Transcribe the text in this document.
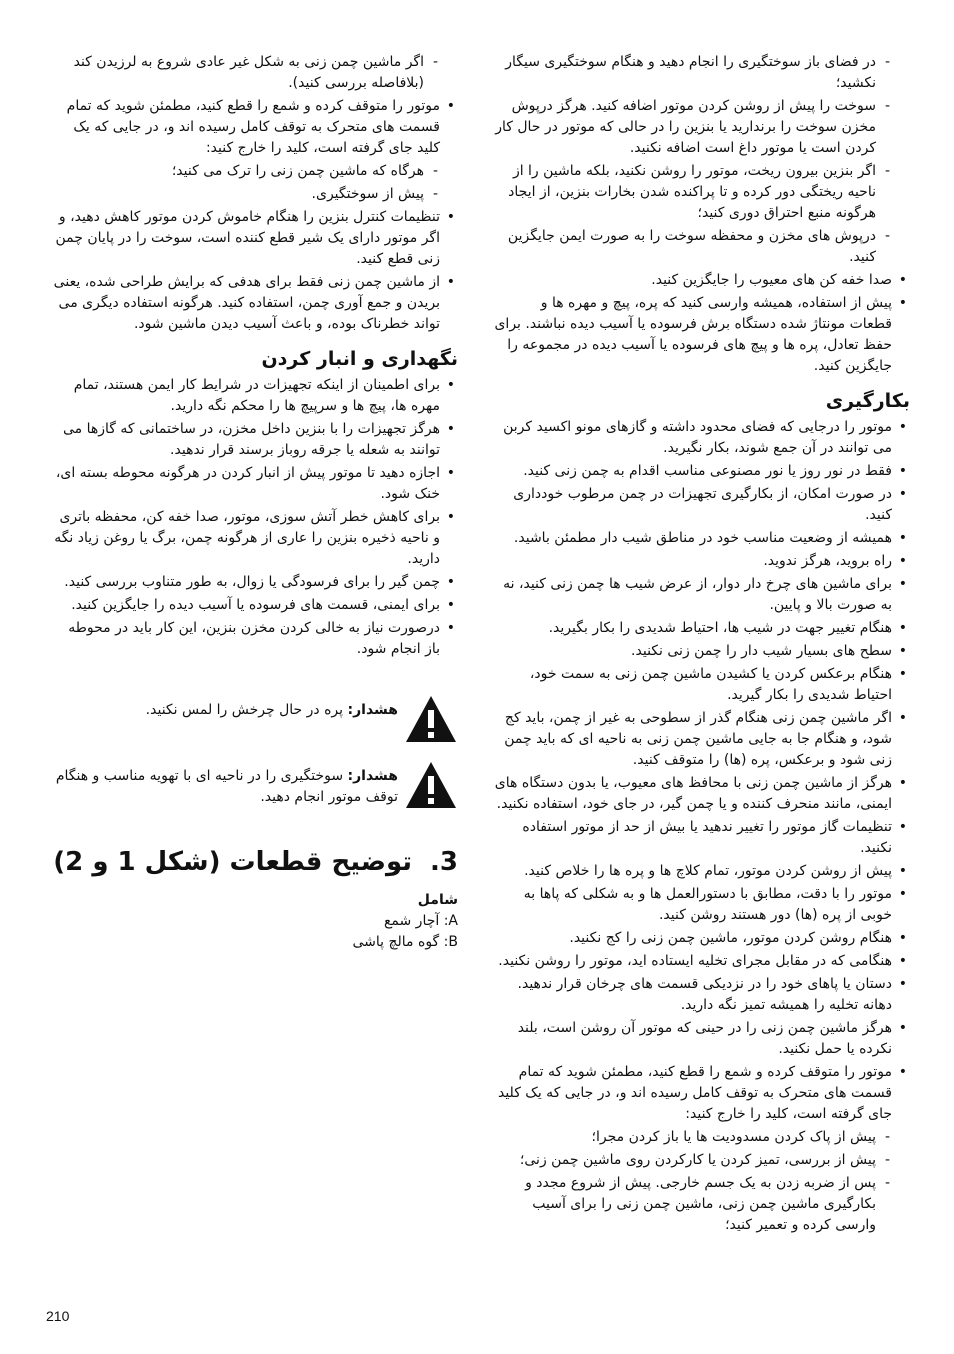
- در فضای باز سوختگیری را انجام دهید و هنگام سوختگیری سیگار نکشید؛
- سوخت را پیش از روشن کردن موتور اضافه کنید. هرگز درپوش مخزن سوخت را برندارید یا بنزین را در حالی که موتور در حال کار کردن است یا موتور داغ است اضافه نکنید.
- اگر بنزین بیرون ریخت، موتور را روشن نکنید، بلکه ماشین را از ناحیه ریختگی دور کرده و تا پراکنده شدن بخارات بنزین، از ایجاد هرگونه منبع احتراق دوری کنید؛
- درپوش های مخزن و محفظه سوخت را به صورت ایمن جایگزین کنید.
• صدا خفه کن های معیوب را جایگزین کنید.
• پیش از استفاده، همیشه وارسی کنید که پره، پیچ و مهره ها و قطعات مونتاژ شده دستگاه برش فرسوده یا آسیب دیده نباشند. برای حفظ تعادل، پره ها و پیچ های فرسوده یا آسیب دیده در مجموعه را جایگزین کنید.
بکارگیری
• موتور را درجایی که فضای محدود داشته و گازهای مونو اکسید کربن می توانند در آن جمع شوند، بکار نگیرید.
• فقط در نور روز یا نور مصنوعی مناسب اقدام به چمن زنی کنید.
• در صورت امکان، از بکارگیری تجهیزات در چمن مرطوب خودداری کنید.
• همیشه از وضعیت مناسب خود در مناطق شیب دار مطمئن باشید.
• راه بروید، هرگز ندوید.
• برای ماشین های چرخ دار دوار، از عرض شیب ها چمن زنی کنید، نه به صورت بالا و پایین.
• هنگام تغییر جهت در شیب ها، احتیاط شدیدی را بکار بگیرید.
• سطح های بسیار شیب دار را چمن زنی نکنید.
• هنگام برعکس کردن یا کشیدن ماشین چمن زنی به سمت خود، احتیاط شدیدی را بکار گیرید.
• اگر ماشین چمن زنی هنگام گذر از سطوحی به غیر از چمن، باید کج شود، و هنگام جا به جایی ماشین چمن زنی به ناحیه ای که باید چمن زنی شود و برعکس، پره (ها) را متوقف کنید.
• هرگز از ماشین چمن زنی با محافظ های معیوب، یا بدون دستگاه های ایمنی، مانند منحرف کننده و یا چمن گیر، در جای خود، استفاده نکنید.
• تنظیمات گاز موتور را تغییر ندهید یا بیش از حد از موتور استفاده نکنید.
• پیش از روشن کردن موتور، تمام کلاچ ها و پره ها را خلاص کنید.
• موتور را با دقت، مطابق با دستورالعمل ها و به شکلی که پاها به خوبی از پره (ها) دور هستند روشن کنید.
• هنگام روشن کردن موتور، ماشین چمن زنی را کج نکنید.
• هنگامی که در مقابل مجرای تخلیه ایستاده اید، موتور را روشن نکنید.
• دستان یا پاهای خود را در نزدیکی قسمت های چرخان قرار ندهید. دهانه تخلیه را همیشه تمیز نگه دارید.
• هرگز ماشین چمن زنی را در حینی که موتور آن روشن است، بلند نکرده یا حمل نکنید.
• موتور را متوقف کرده و شمع را قطع کنید، مطمئن شوید که تمام قسمت های متحرک به توقف کامل رسیده اند و، در جایی که یک کلید جای گرفته است، کلید را خارج کنید:
- پیش از پاک کردن مسدودیت ها یا باز کردن مجرا؛
- پیش از بررسی، تمیز کردن یا کارکردن روی ماشین چمن زنی؛
- پس از ضربه زدن به یک جسم خارجی. پیش از شروع مجدد و بکارگیری ماشین چمن زنی، ماشین چمن زنی را برای آسیب وارسی کرده و تعمیر کنید؛
- اگر ماشین چمن زنی به شکل غیر عادی شروع به لرزیدن کند (بلافاصله بررسی کنید).
• موتور را متوقف کرده و شمع را قطع کنید، مطمئن شوید که تمام قسمت های متحرک به توقف کامل رسیده اند و، در جایی که یک کلید جای گرفته است، کلید را خارج کنید:
- هرگاه که ماشین چمن زنی را ترک می کنید؛
- پیش از سوختگیری.
• تنظیمات کنترل بنزین را هنگام خاموش کردن موتور کاهش دهید، و اگر موتور دارای یک شیر قطع کننده است، سوخت را در پایان چمن زنی قطع کنید.
• از ماشین چمن زنی فقط برای هدفی که برایش طراحی شده، یعنی بریدن و جمع آوری چمن، استفاده کنید. هرگونه استفاده دیگری می تواند خطرناک بوده، و باعث آسیب دیدن ماشین شود.
نگهداری و انبار کردن
• برای اطمینان از اینکه تجهیزات در شرایط کار ایمن هستند، تمام مهره ها، پیچ ها و سرپیچ ها را محکم نگه دارید.
• هرگز تجهیزات را با بنزین داخل مخزن، در ساختمانی که گازها می توانند به شعله یا جرقه روباز برسند قرار ندهید.
• اجازه دهید تا موتور پیش از انبار کردن در هرگونه محوطه بسته ای، خنک شود.
• برای کاهش خطر آتش سوزی، موتور، صدا خفه کن، محفظه باتری و ناحیه ذخیره بنزین را عاری از هرگونه چمن، برگ یا روغن زیاد نگه دارید.
• چمن گیر را برای فرسودگی یا زوال، به طور متناوب بررسی کنید.
• برای ایمنی، قسمت های فرسوده یا آسیب دیده را جایگزین کنید.
• درصورت نیاز به خالی کردن مخزن بنزین، این کار باید در محوطه باز انجام شود.
هشدار: پره در حال چرخش را لمس نکنید.
هشدار: سوختگیری را در ناحیه ای با تهویه مناسب و هنگام توقف موتور انجام دهید.
3.
توضیح قطعات (شکل 1 و 2)

شامل

A: آچار شمع
B: گوه مالچ پاشی
210
